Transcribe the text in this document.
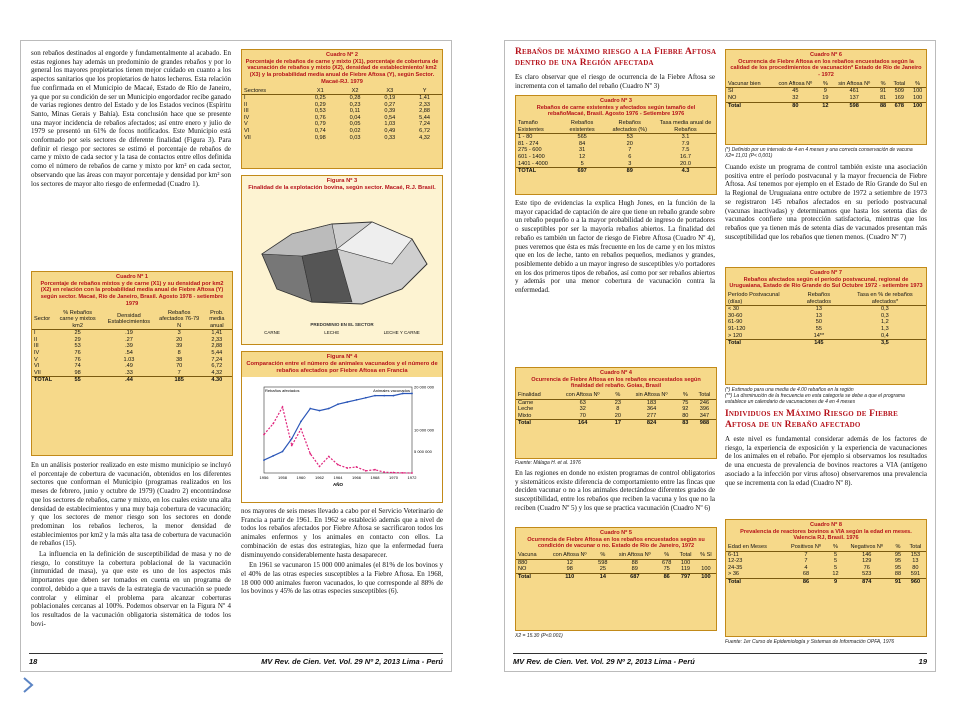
son rebaños destinados al engorde y fundamentalmente al acabado. En estas regiones hay además un predominio de grandes rebaños y por lo general los mayores propietarios tienen mejor cuidado en cuanto a los aspectos sanitarios que los propietarios de hatos lecheros. Esta relación fue confirmada en el Municipio de Macaé, Estado de Río de Janeiro, ya que por su condición de ser un Municipio engordador recibe ganado de varias regiones dentro del Estado y de los Estados vecinos (Espíritu Santo, Minas Gerais y Bahía). Esta conclusión hace que se presente una mayor incidencia de rebaños afectados; así entre enero y julio de 1979 se presentó un 61% de focos notificados. Este Municipio está conformado por seis sectores de diferente finalidad (Figura 3). Para definir el riesgo por sectores se estimó el porcentaje de rebaños de carne y mixto de cada sector y la tasa de contactos entre ellos definida como el número de rebaños de carne y mixto por km² en cada sector, observando que las áreas con mayor porcentaje y densidad por km² son los sectores de mayor alto riesgo de enfermedad (Cuadro 1).

Cuadro Nº 2
Porcentaje de rebaños de carne y mixto (X1), porcentaje de cobertura de vacunación de rebaños y mixto (X2), densidad de establecimiento/ km2 (X3) y la probabilidad media anual de Fiebre Aftosa (Y), según Sector. Macaé-RJ. 1979
Sectores	X1	X2	X3	Y
I	0,25	0,28	0,19	1,41
II	0,29	0,23	0,27	2,33
III	0,53	0,11	0,39	2,88
IV	0,76	0,04	0,54	5,44
V	0,79	0,05	1,03	7,24
VI	0,74	0,02	0,49	6,72
VII	0,98	0,03	0,33	4,32
Figura Nº 3
Finalidad de la explotación bovina, según sector. Macaé, R.J. Brasil.
PREDOMINIO EN EL SECTOR
CARNE	LECHE	LECHE Y CARNE
Cuadro Nº 1
Porcentaje de rebaños mixtos y de carne (X1) y su densidad por km2 (X2) en relación con la probabilidad media anual de Fiebre Aftosa (Y) según sector. Macaé, Río de Janeiro, Brasil. Agosto 1978 - setiembre 1979
Sector	% Rebaños carne y mixtos km2	Densidad Establecimientos	Rebaños afectados 76-79 N	Prob. media anual
I	25	.19	3	1,41
II	29	.27	20	2,33
III	53	.39	39	2,88
IV	76	.54	8	5,44
V	76	1.03	38	7,24
VI	74	.49	70	6,72
VII	98	.33	7	4,32
TOTAL	55	.44	185	4.30

En un análisis posterior realizado en este mismo municipio se incluyó el porcentaje de cobertura de vacunación, obtenidos en los diferentes sectores que conforman el Municipio (programas realizados en los meses de febrero, junio y octubre de 1979) (Cuadro 2) encontrándose que los sectores de rebaños, carne y mixto, en los cuales existe una alta densidad de establecimientos y una muy baja cobertura de vacunación; y que los sectores de menor riesgo son los sectores en donde predominan los rebaños lecheros, la menor densidad de establecimientos por km2 y la más alta tasa de cobertura de vacunación de rebaños (15).

La influencia en la definición de susceptibilidad de masa y no de riesgo, lo constituye la cobertura poblacional de la vacunación (inmunidad de masa), ya que este es uno de los aspectos más importantes que deben ser tomados en cuenta en un programa de control, debido a que a través de la estrategia de vacunación se puede controlar y eliminar el problema para alcanzar coberturas poblacionales cercanas al 100%. Podemos observar en la Figura Nº 4 los resultados de la vacunación obligatoria sistemática de todos los bovi-

Figura Nº 4
Comparación entre el número de animales vacunados y el número de rebaños afectados por Fiebre Aftosa en Francia
1956 1958 1960 1962 1964 1966 1968 1970 1972
20 000 000
10 000 000
5 000 000
AÑO
Rebaños afectados	Animales vacunados

nos mayores de seis meses llevado a cabo por el Servicio Veterinario de Francia a partir de 1961. En 1962 se estableció además que a nivel de todos los rebaños afectados por Fiebre Aftosa se sacrificaron todos los animales enfermos y los animales en contacto con ellos. La combinación de estas dos estrategias, hizo que la enfermedad fuera disminuyendo considerablemente hasta desaparecer.

En 1961 se vacunaron 15 000 000 animales (el 81% de los bovinos y el 40% de las otras especies susceptibles a la Fiebre Aftosa. En 1968, 18 000 000 animales fueron vacunados, lo que corresponde al 88% de los bovinos y 45% de las otras especies susceptibles (6).

18	MV Rev. de Cien. Vet. Vol. 29 Nº 2, 2013 Lima - Perú
Rebaños de máximo riesgo a la Fiebre Aftosa dentro de una Región afectada

Es claro observar que el riesgo de ocurrencia de la Fiebre Aftosa se incrementa con el tamaño del rebaño (Cuadro Nº 3)

Cuadro Nº 3
Rebaños de carne existentes y afectados según tamaño del rebañoMacaé, Brasil. Agosto 1976 - Setiembre 1976
Tamaño Existentes	Rebaños existentes	Rebaños afectados (%)	Tasa media anual de Rebaños
1 - 80	565	53	3.1
81 - 274	84	20	7.9
275 - 600	31	7	7.5
601 - 1400	12	6	16.7
1401 - 4000	5	3	20.0
TOTAL	697	89	4.3

Este tipo de evidencias la explica Hugh Jones, en la función de la mayor capacidad de captación de aire que tiene un rebaño grande sobre un rebaño pequeño o a la mayor probabilidad de ingreso de portadores o susceptibles por ser la mayoría rebaños abiertos. La finalidad del rebaño es también un factor de riesgo de Fiebre Aftosa (Cuadro Nº 4), pues veremos que ésta es más frecuente en los de carne y en los mixtos que en los de leche, tanto en rebaños pequeños, medianos y grandes, posiblemente debido a un mayor ingreso de susceptibles y/o portadores en los dos primeros tipos de rebaños, así como por ser rebaños abiertos y además por una menor cobertura de vacunación contra la enfermedad.

Cuadro Nº 4
Ocurrencia de Fiebre Aftosa en los rebaños encuestados según finalidad del rebaño. Goias, Brasil
Finalidad	con Aftosa Nº	%	sin Aftosa Nº	%	Total
Carne	63	23	183	75	246
Leche	32	8	364	92	396
Mixto	70	20	277	80	347
Total	164	17	824	83	988
Fuente: Málaga H. et al. 1976

En las regiones en donde no existen programas de control obligatorios y sistemáticos existe diferencia de comportamiento entre las fincas que deciden vacunar o no a los animales detectándose diferentes grados de susceptibilidad, entre los rebaños que reciben la vacuna y los que no la reciben (Cuadro Nº 5) y los que se practica vacunación (Cuadro Nº 6)

Cuadro Nº 5
Ocurrencia de Fiebre Aftosa en los rebaños encuestados según su condición de vacunar o no. Estado de Río de Janeiro, 1972
Vacuna	con Aftosa Nº	%	sin Aftosa Nº	%	Total	% Sl
880	12	598	88	678	100	
NO	98	25	89	75	119	100
Total	110	14	687	86	797	100
X2 = 15.30 (P<0.001)
Cuadro Nº 6
Ocurrencia de Fiebre Aftosa en los rebaños encuestados según la calidad de los procedimientos de vacunación* Estado de Río de Janeiro - 1972
Vacunar bien	con Aftosa Nº	%	sin Aftosa Nº	%	Total	%
SI	45	9	461	91	509	100
NO	32	19	137	81	169	100
Total	80	12	598	88	678	100
(*) Definido por un intervalo de 4 en 4 meses y una correcta conservación de vacuna
X2= 11,01 (P< 0,001)

Cuando existe un programa de control también existe una asociación positiva entre el período postvacunal y la mayor frecuencia de Fiebre Aftosa. Así tenemos por ejemplo en el Estado de Río Grande do Sul en la Regional de Uruguaiana entre octubre de 1972 a setiembre de 1973 se registraron 145 rebaños afectados en su período postvacunal (vacunas inactivadas) y determinamos que hasta los setenta días de vacunados confiere una protección satisfactoria, mientras que los rebaños que ya tienen más de setenta días de vacunados presentan más susceptibilidad que los rebaños que tienen menos. (Cuadro Nº 7)

Cuadro Nº 7
Rebaños afectados según el período postvacunal, regional de Uruguaiana, Estado de Río Grande do Sul Octubre 1972 - setiembre 1973
Período Postvacunal (días)	Rebaños afectados	Tasa en % de rebaños afectados*
< 30	13	0,3
30-60	13	0,3
61-90	50	1,2
91-120	55	1,3
> 120	14**	0,4
Total	145	3,5
(*) Estimado para una media de 4.00 rebaños en la región
(**) La disminución de la frecuencia en esta categoría se debe a que el programa establece un calendario de vacunaciones de 4 en 4 meses
Individuos en Máximo Riesgo de Fiebre Aftosa de un Rebaño afectado

A este nivel es fundamental considerar además de los factores de riesgo, la experiencia de exposición y la experiencia de vacunaciones de los animales en el rebaño. Por ejemplo si observamos los resultados de una encuesta de prevalencia de bovinos reactores a VIA (antígeno asociado a la infección por virus aftoso) observaremos una prevalencia que se incrementa con la edad (Cuadro Nº 8).

Cuadro Nº 8
Prevalencia de reactores bovinos a VIA según la edad en meses. Valencia RJ, Brasil. 1976
Edad en Meses	Positivos Nº	%	Negativos Nº	%	Total
6-11	7	5	146	95	153
12-23	7	5	129	95	13
24-35	4	5	76	95	80
> 36	68	12	523	88	591
Total	86	9	874	91	960
Fuente: 1er Curso de Epidemiología y Sistemas de Información OPFA, 1976
MV Rev. de Cien. Vet. Vol. 29 Nº 2, 2013 Lima - Perú	19
